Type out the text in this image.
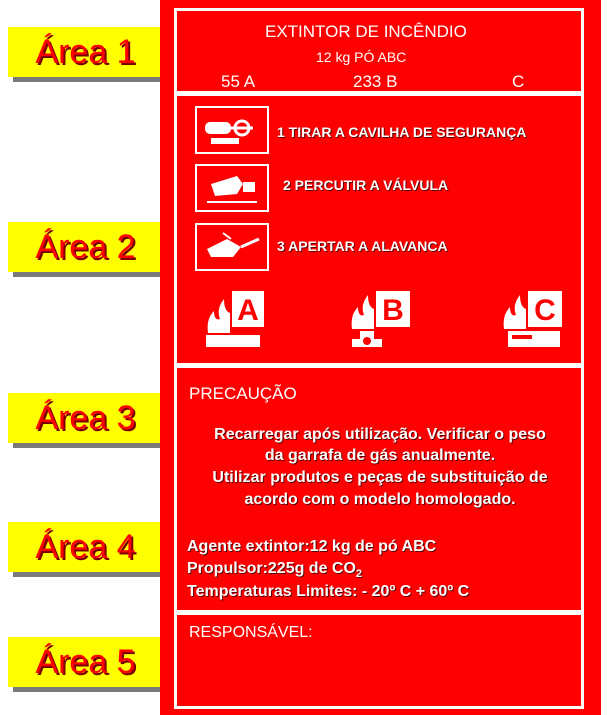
Área 1
Área 2
Área 3
Área 4
Área 5
EXTINTOR DE INCÊNDIO
12 kg PÓ ABC
55 A	233 B	C
1 TIRAR A CAVILHA DE SEGURANÇA
2 PERCUTIR A VÁLVULA
3 APERTAR A ALAVANCA
A	B	C
PRECAUÇÃO
Recarregar após utilização. Verificar o peso
da garrafa de gás anualmente.
Utilizar produtos e peças de substituição de
acordo com o modelo homologado.
Agente extintor:12 kg de pó ABC
Propulsor:225g de $CO_2$
Temperaturas Limites: - 20º C + 60º C
RESPONSÁVEL:
